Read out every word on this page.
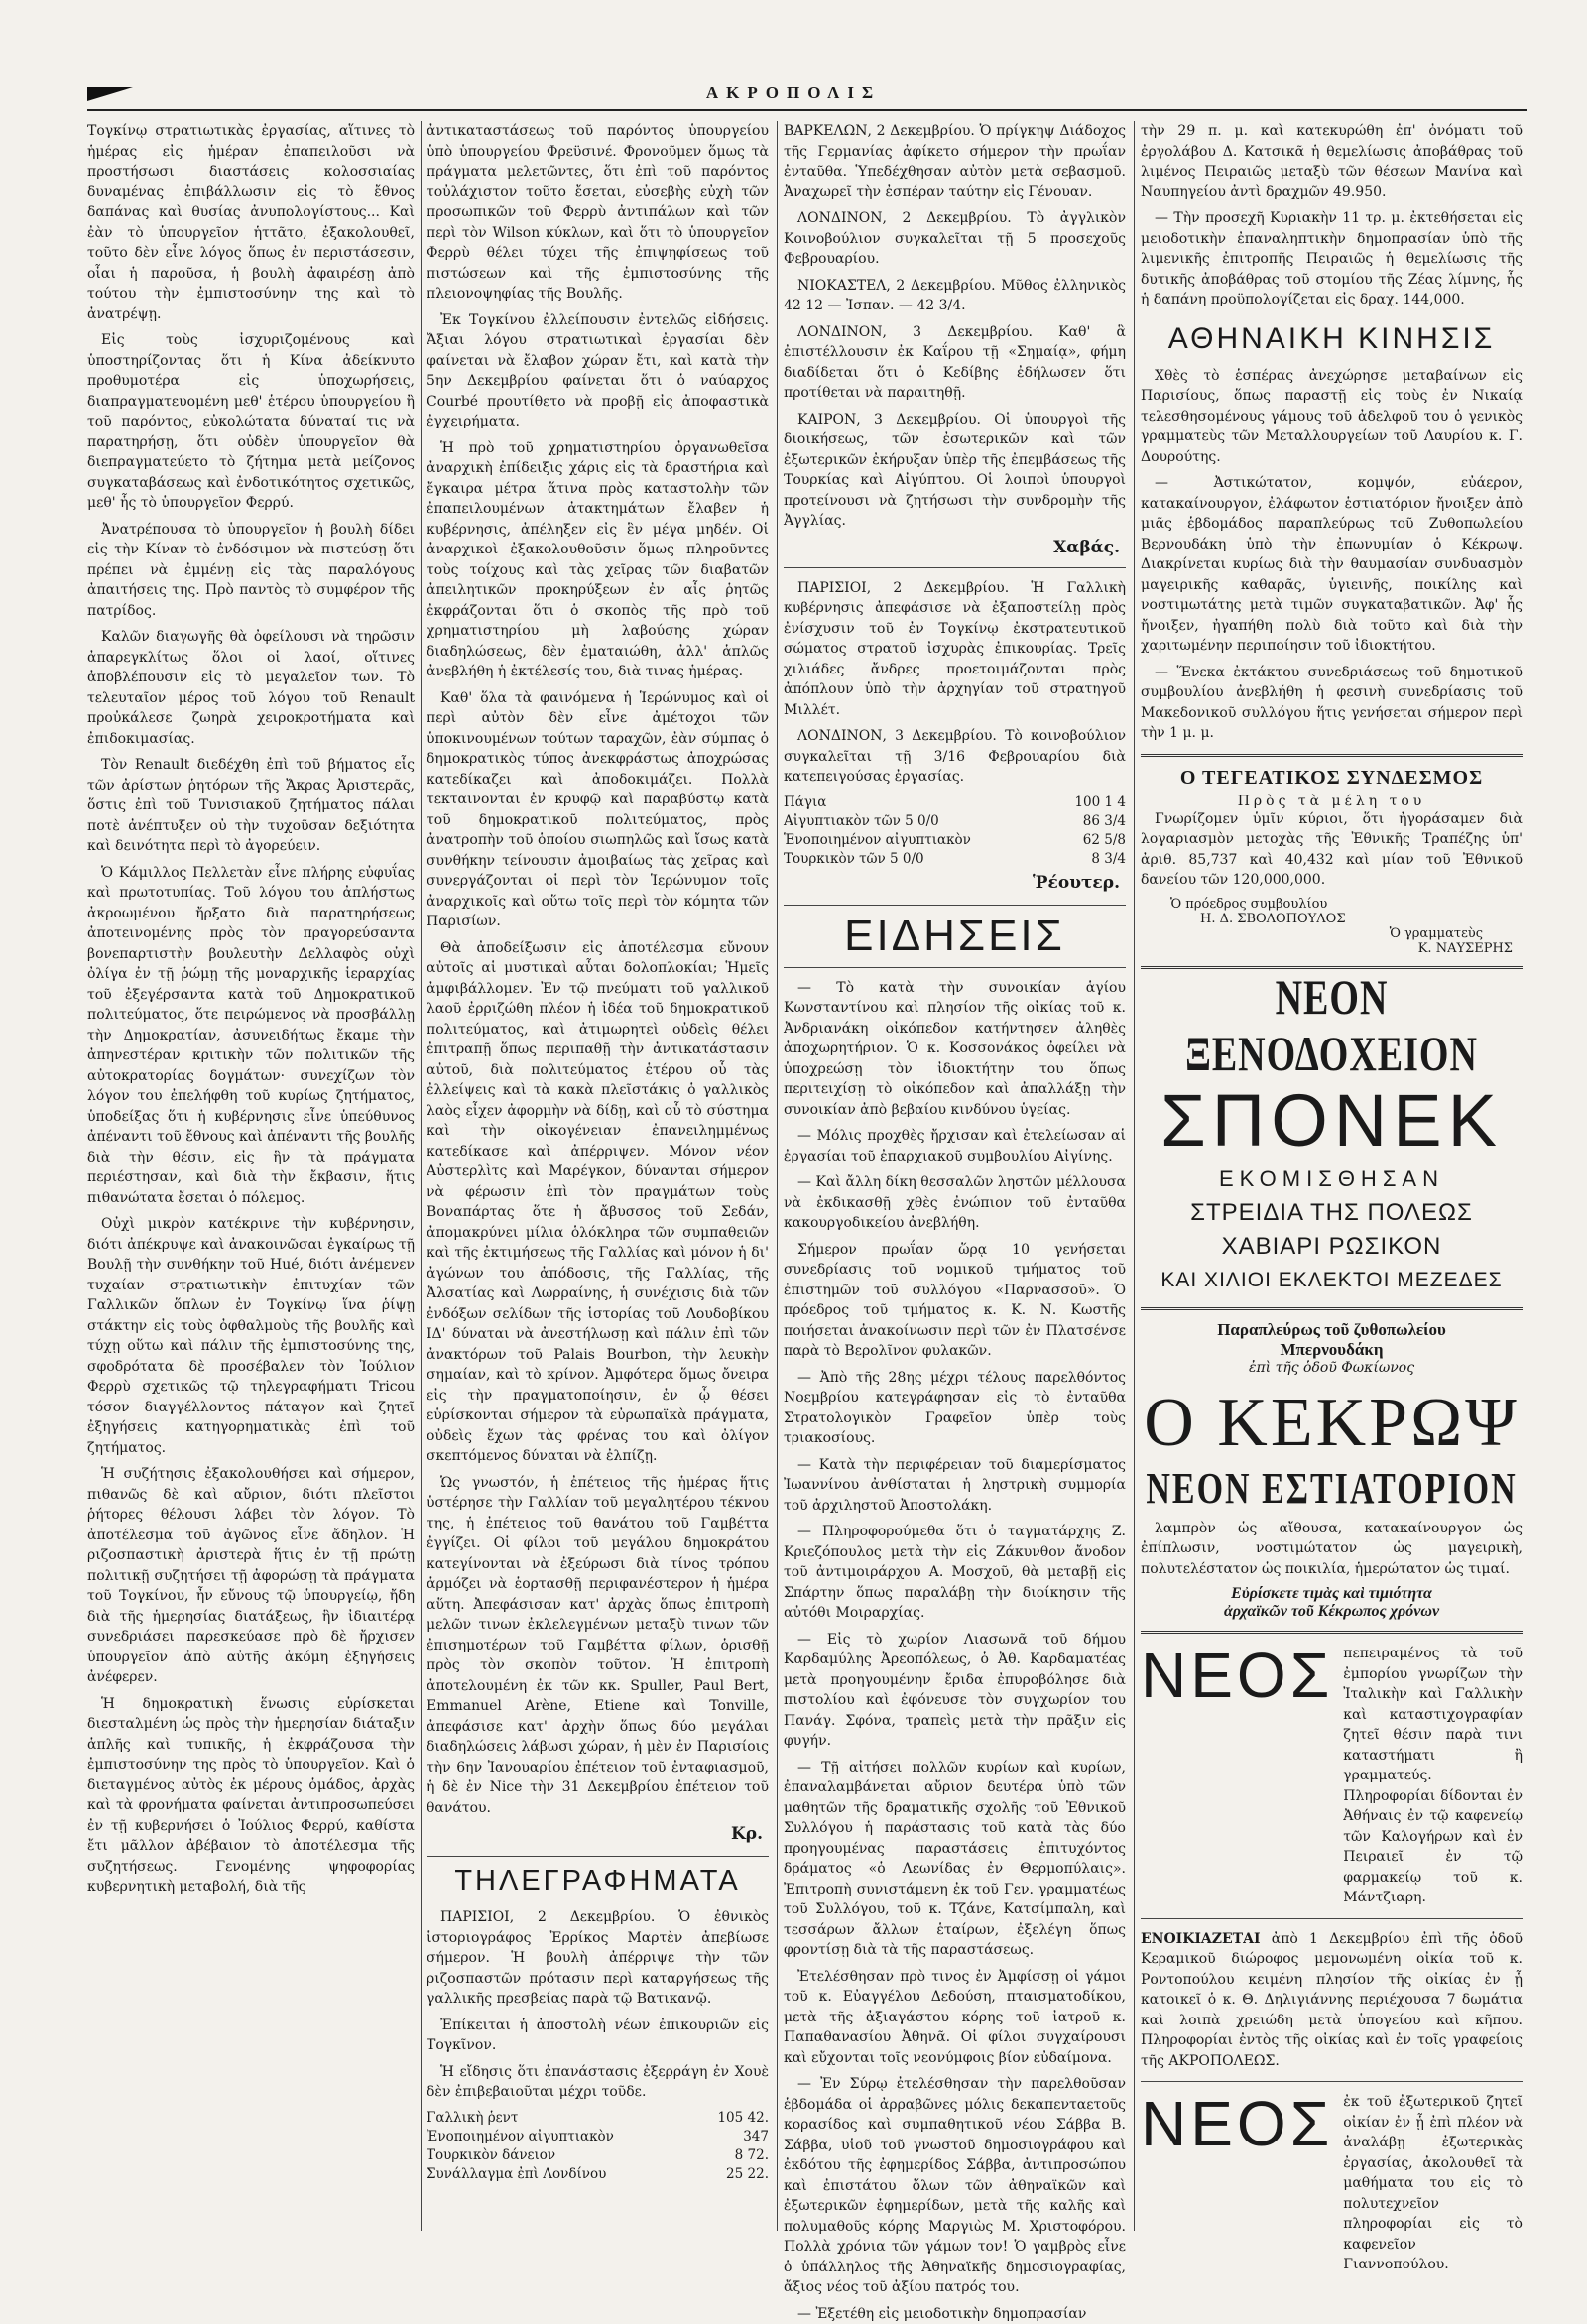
ΑΚΡΟΠΟΛΙΣ

Τογκίνῳ στρατιωτικὰς ἐργασίας, αἵτινες τὸ ἡμέρας εἰς ἡμέραν ἐπαπειλοῦσι νὰ προστήσωσι διαστάσεις κολοσσιαίας δυναμένας ἐπιβάλλωσιν εἰς τὸ ἔθνος δαπάνας καὶ θυσίας ἀνυπολογίστους... Καὶ ἐὰν τὸ ὑπουργεῖον ἡττᾶτο, ἐξακολουθεῖ, τοῦτο δὲν εἶνε λόγος ὅπως ἐν περιστάσεσιν, οἷαι ἡ παροῦσα, ἡ βουλὴ ἀφαιρέσῃ ἀπὸ τούτου τὴν ἐμπιστοσύνην της καὶ τὸ ἀνατρέψῃ.

Εἰς τοὺς ἰσχυριζομένους καὶ ὑποστηρίζοντας ὅτι ἡ Κίνα ἀδείκνυτο προθυμοτέρα εἰς ὑποχωρήσεις, διαπραγματευομένη μεθ' ἑτέρου ὑπουργείου ἢ τοῦ παρόντος, εὐκολώτατα δύναταί τις νὰ παρατηρήσῃ, ὅτι οὐδὲν ὑπουργεῖον θὰ διεπραγματεύετο τὸ ζήτημα μετὰ μείζονος συγκαταβάσεως καὶ ἐνδοτικότητος σχετικῶς, μεθ' ἧς τὸ ὑπουργεῖον Φερρύ.

Ἀνατρέπουσα τὸ ὑπουργεῖον ἡ βουλὴ δίδει εἰς τὴν Κίναν τὸ ἐνδόσιμον νὰ πιστεύσῃ ὅτι πρέπει νὰ ἐμμένῃ εἰς τὰς παραλόγους ἀπαιτήσεις της. Πρὸ παντὸς τὸ συμφέρον τῆς πατρίδος.

Καλῶν διαγωγῆς θὰ ὀφείλουσι νὰ τηρῶσιν ἀπαρεγκλίτως ὅλοι οἱ λαοί, οἵτινες ἀποβλέπουσιν εἰς τὸ μεγαλεῖον των. Τὸ τελευταῖον μέρος τοῦ λόγου τοῦ Renault προὐκάλεσε ζωηρὰ χειροκροτήματα καὶ ἐπιδοκιμασίας.

Τὸν Renault διεδέχθη ἐπὶ τοῦ βήματος εἷς τῶν ἀρίστων ῥητόρων τῆς Ἄκρας Ἀριστερᾶς, ὅστις ἐπὶ τοῦ Τυνισιακοῦ ζητήματος πάλαι ποτὲ ἀνέπτυξεν οὐ τὴν τυχοῦσαν δεξιότητα καὶ δεινότητα περὶ τὸ ἀγορεύειν.

Ὁ Κάμιλλος Πελλετὰν εἶνε πλήρης εὐφυΐας καὶ πρωτοτυπίας. Τοῦ λόγου του ἀπλήστως ἀκροωμένου ἤρξατο διὰ παρατηρήσεως ἀποτεινομένης πρὸς τὸν πραγορεύσαντα βονεπαρτιστὴν βουλευτὴν Δελλαφὸς οὐχὶ ὀλίγα ἐν τῇ ῥώμῃ τῆς μοναρχικῆς ἱεραρχίας τοῦ ἐξεγέρσαντα κατὰ τοῦ Δημοκρατικοῦ πολιτεύματος, ὅτε πειρώμενος νὰ προσβάλλῃ τὴν Δημοκρατίαν, ἀσυνειδήτως ἔκαμε τὴν ἀπηνεστέραν κριτικὴν τῶν πολιτικῶν τῆς αὐτοκρατορίας δογμάτων· συνεχίζων τὸν λόγον του ἐπελήφθη τοῦ κυρίως ζητήματος, ὑποδείξας ὅτι ἡ κυβέρνησις εἶνε ὑπεύθυνος ἀπέναντι τοῦ ἔθνους καὶ ἀπέναντι τῆς βουλῆς διὰ τὴν θέσιν, εἰς ἣν τὰ πράγματα περιέστησαν, καὶ διὰ τὴν ἔκβασιν, ἥτις πιθανώτατα ἔσεται ὁ πόλεμος.

Οὐχὶ μικρὸν κατέκρινε τὴν κυβέρνησιν, διότι ἀπέκρυψε καὶ ἀνακοινῶσαι ἐγκαίρως τῇ Βουλῇ τὴν συνθήκην τοῦ Hué, διότι ἀνέμενεν τυχαίαν στρατιωτικὴν ἐπιτυχίαν τῶν Γαλλικῶν ὅπλων ἐν Τογκίνῳ ἵνα ῥίψῃ στάκτην εἰς τοὺς ὀφθαλμοὺς τῆς βουλῆς καὶ τύχῃ οὕτω καὶ πάλιν τῆς ἐμπιστοσύνης της, σφοδρότατα δὲ προσέβαλεν τὸν Ἰούλιον Φερρὺ σχετικῶς τῷ τηλεγραφήματι Tricou τόσον διαγγέλλοντος πάταγον καὶ ζητεῖ ἐξηγήσεις κατηγορηματικὰς ἐπὶ τοῦ ζητήματος.

Ἡ συζήτησις ἐξακολουθήσει καὶ σήμερον, πιθανῶς δὲ καὶ αὔριον, διότι πλεῖστοι ῥήτορες θέλουσι λάβει τὸν λόγον. Τὸ ἀποτέλεσμα τοῦ ἀγῶνος εἶνε ἄδηλον. Ἡ ριζοσπαστικὴ ἀριστερὰ ἥτις ἐν τῇ πρώτῃ πολιτικῇ συζητήσει τῇ ἀφορώσῃ τὰ πράγματα τοῦ Τογκίνου, ἦν εὔνους τῷ ὑπουργείῳ, ἤδη διὰ τῆς ἡμερησίας διατάξεως, ἣν ἰδιαιτέρᾳ συνεδριάσει παρεσκεύασε πρὸ δὲ ἤρχισεν ὑπουργεῖον ἀπὸ αὐτῆς ἀκόμη ἐξηγήσεις ἀνέφερεν.

Ἡ δημοκρατικὴ ἕνωσις εὑρίσκεται διεσταλμένη ὡς πρὸς τὴν ἡμερησίαν διάταξιν ἁπλῆς καὶ τυπικῆς, ἡ ἐκφράζουσα τὴν ἐμπιστοσύνην της πρὸς τὸ ὑπουργεῖον. Καὶ ὁ διεταγμένος αὐτὸς ἐκ μέρους ὁμάδος, ἀρχὰς καὶ τὰ φρονήματα φαίνεται ἀντιπροσωπεύσει ἐν τῇ κυβερνήσει ὁ Ἰούλιος Φερρύ, καθίστα ἔτι μᾶλλον ἀβέβαιον τὸ ἀποτέλεσμα τῆς συζητήσεως. Γενομένης ψηφοφορίας κυβερνητικὴ μεταβολή, διὰ τῆς

ἀντικαταστάσεως τοῦ παρόντος ὑπουργείου ὑπὸ ὑπουργείου Φρεϋσινέ. Φρονοῦμεν ὅμως τὰ πράγματα μελετῶντες, ὅτι ἐπὶ τοῦ παρόντος τοὐλάχιστον τοῦτο ἔσεται, εὐσεβὴς εὐχὴ τῶν προσωπικῶν τοῦ Φερρὺ ἀντιπάλων καὶ τῶν περὶ τὸν Wilson κύκλων, καὶ ὅτι τὸ ὑπουργεῖον Φερρὺ θέλει τύχει τῆς ἐπιψηφίσεως τοῦ πιστώσεων καὶ τῆς ἐμπιστοσύνης τῆς πλειονοψηφίας τῆς Βουλῆς.

Ἐκ Τογκίνου ἐλλείπουσιν ἐντελῶς εἰδήσεις. Ἄξιαι λόγου στρατιωτικαὶ ἐργασίαι δὲν φαίνεται νὰ ἔλαβον χώραν ἔτι, καὶ κατὰ τὴν 5ην Δεκεμβρίου φαίνεται ὅτι ὁ ναύαρχος Courbé προυτίθετο νὰ προβῇ εἰς ἀποφαστικὰ ἐγχειρήματα.

Ἡ πρὸ τοῦ χρηματιστηρίου ὀργανωθεῖσα ἀναρχικὴ ἐπίδειξις χάρις εἰς τὰ δραστήρια καὶ ἔγκαιρα μέτρα ἅτινα πρὸς καταστολὴν τῶν ἐπαπειλουμένων ἀτακτημάτων ἔλαβεν ἡ κυβέρνησις, ἀπέληξεν εἰς ἓν μέγα μηδέν. Οἱ ἀναρχικοὶ ἐξακολουθοῦσιν ὅμως πληροῦντες τοὺς τοίχους καὶ τὰς χεῖρας τῶν διαβατῶν ἀπειλητικῶν προκηρύξεων ἐν αἷς ῥητῶς ἐκφράζονται ὅτι ὁ σκοπὸς τῆς πρὸ τοῦ χρηματιστηρίου μὴ λαβούσης χώραν διαδηλώσεως, δὲν ἐματαιώθη, ἀλλ' ἁπλῶς ἀνεβλήθη ἡ ἐκτέλεσίς του, διὰ τινας ἡμέρας.

Καθ' ὅλα τὰ φαινόμενα ἡ Ἱερώνυμος καὶ οἱ περὶ αὐτὸν δὲν εἶνε ἀμέτοχοι τῶν ὑποκινουμένων τούτων ταραχῶν, ἐὰν σύμπας ὁ δημοκρατικὸς τύπος ἀνεκφράστως ἀποχρώσας κατεδίκαζει καὶ ἀποδοκιμάζει. Πολλὰ τεκταινονται ἐν κρυφῷ καὶ παραβύστῳ κατὰ τοῦ δημοκρατικοῦ πολιτεύματος, πρὸς ἀνατροπὴν τοῦ ὁποίου σιωπηλῶς καὶ ἴσως κατὰ συνθήκην τείνουσιν ἀμοιβαίως τὰς χεῖρας καὶ συνεργάζονται οἱ περὶ τὸν Ἱερώνυμον τοῖς ἀναρχικοῖς καὶ οὕτω τοῖς περὶ τὸν κόμητα τῶν Παρισίων.

Θὰ ἀποδείξωσιν εἰς ἀποτέλεσμα εὔνουν αὐτοῖς αἱ μυστικαὶ αὗται δολοπλοκίαι; Ἡμεῖς ἀμφιβάλλομεν. Ἐν τῷ πνεύματι τοῦ γαλλικοῦ λαοῦ ἐρριζώθη πλέον ἡ ἰδέα τοῦ δημοκρατικοῦ πολιτεύματος, καὶ ἀτιμωρητεὶ οὐδεὶς θέλει ἐπιτραπῇ ὅπως περιπαθῇ τὴν ἀντικατάστασιν αὐτοῦ, διὰ πολιτεύματος ἑτέρου οὗ τὰς ἐλλείψεις καὶ τὰ κακὰ πλεῖστάκις ὁ γαλλικὸς λαὸς εἶχεν ἀφορμὴν νὰ δίδῃ, καὶ οὗ τὸ σύστημα καὶ τὴν οἰκογένειαν ἐπανειλημμένως κατεδίκασε καὶ ἀπέρριψεν. Μόνον νέον Αὐστερλὶτς καὶ Μαρέγκον, δύνανται σήμερον νὰ φέρωσιν ἐπὶ τὸν πραγμάτων τοὺς Βοναπάρτας ὅτε ἡ ἄβυσσος τοῦ Σεδάν, ἀπομακρύνει μίλια ὁλόκληρα τῶν συμπαθειῶν καὶ τῆς ἐκτιμήσεως τῆς Γαλλίας καὶ μόνον ἡ δι' ἀγώνων του ἀπόδοσις, τῆς Γαλλίας, τῆς Ἀλσατίας καὶ Λωρραίνης, ἡ συνέχισις διὰ τῶν ἐνδόξων σελίδων τῆς ἱστορίας τοῦ Λουδοβίκου ΙΔ' δύναται νὰ ἀνεστήλωσῃ καὶ πάλιν ἐπὶ τῶν ἀνακτόρων τοῦ Palais Bourbon, τὴν λευκὴν σημαίαν, καὶ τὸ κρίνον. Ἀμφότερα ὅμως ὄνειρα εἰς τὴν πραγματοποίησιν, ἐν ᾧ θέσει εὑρίσκονται σήμερον τὰ εὐρωπαϊκὰ πράγματα, οὐδεὶς ἔχων τὰς φρένας του καὶ ὀλίγον σκεπτόμενος δύναται νὰ ἐλπίζῃ.

Ὡς γνωστόν, ἡ ἐπέτειος τῆς ἡμέρας ἥτις ὑστέρησε τὴν Γαλλίαν τοῦ μεγαλητέρου τέκνου της, ἡ ἐπέτειος τοῦ θανάτου τοῦ Γαμβέττα ἐγγίζει. Οἱ φίλοι τοῦ μεγάλου δημοκράτου κατεγίνονται νὰ ἐξεύρωσι διὰ τίνος τρόπου ἁρμόζει νὰ ἑορτασθῇ περιφανέστερον ἡ ἡμέρα αὕτη. Ἀπεφάσισαν κατ' ἀρχὰς ὅπως ἐπιτροπὴ μελῶν τινων ἐκλελεγμένων μεταξὺ τινων τῶν ἐπισημοτέρων τοῦ Γαμβέττα φίλων, ὁρισθῇ πρὸς τὸν σκοπὸν τοῦτον. Ἡ ἐπιτροπὴ ἀποτελουμένη ἐκ τῶν κκ. Spuller, Paul Bert, Emmanuel Arène, Etiene καὶ Tonville, ἀπεφάσισε κατ' ἀρχὴν ὅπως δύο μεγάλαι διαδηλώσεις λάβωσι χώραν, ἡ μὲν ἐν Παρισίοις τὴν 6ην Ἰανουαρίου ἐπέτειον τοῦ ἐνταφιασμοῦ, ἡ δὲ ἐν Nice τὴν 31 Δεκεμβρίου ἐπέτειον τοῦ θανάτου.

Κρ.
ΤΗΛΕΓΡΑΦΗΜΑΤΑ

ΠΑΡΙΣΙΟΙ, 2 Δεκεμβρίου. Ὁ ἐθνικὸς ἱστοριογράφος Ἐρρίκος Μαρτὲν ἀπεβίωσε σήμερον. Ἡ βουλὴ ἀπέρριψε τὴν τῶν ριζοσπαστῶν πρότασιν περὶ καταργήσεως τῆς γαλλικῆς πρεσβείας παρὰ τῷ Βατικανῷ.

Ἐπίκειται ἡ ἀποστολὴ νέων ἐπικουριῶν εἰς Τογκῖνον.

Ἡ εἴδησις ὅτι ἐπανάστασις ἐξερράγη ἐν Χουὲ δὲν ἐπιβεβαιοῦται μέχρι τοῦδε.

Γαλλικὴ ῥεντ	105 42.
Ἑνοποιημένον αἰγυπτιακὸν	347
Τουρκικὸν δάνειον	8 72.
Συνάλλαγμα ἐπὶ Λονδίνου	25 22.

ΒΑΡΚΕΛΩΝ, 2 Δεκεμβρίου. Ὁ πρίγκηψ Διάδοχος τῆς Γερμανίας ἀφίκετο σήμερον τὴν πρωΐαν ἐνταῦθα. Ὑπεδέχθησαν αὐτὸν μετὰ σεβασμοῦ. Ἀναχωρεῖ τὴν ἐσπέραν ταύτην εἰς Γένουαν.

ΛΟΝΔΙΝΟΝ, 2 Δεκεμβρίου. Τὸ ἀγγλικὸν Κοινοβούλιον συγκαλεῖται τῇ 5 προσεχοῦς Φεβρουαρίου.

ΝΙΟΚΑΣΤΕΛ, 2 Δεκεμβρίου. Μῦθος ἐλληνικὸς 42 12 — Ἰσπαν. — 42 3/4.

ΛΟΝΔΙΝΟΝ, 3 Δεκεμβρίου. Καθ' ἃ ἐπιστέλλουσιν ἐκ Καΐρου τῇ «Σημαίᾳ», φήμη διαδίδεται ὅτι ὁ Κεδίβης ἐδήλωσεν ὅτι προτίθεται νὰ παραιτηθῇ.

ΚΑΙΡΟΝ, 3 Δεκεμβρίου. Οἱ ὑπουργοὶ τῆς διοικήσεως, τῶν ἐσωτερικῶν καὶ τῶν ἐξωτερικῶν ἐκήρυξαν ὑπὲρ τῆς ἐπεμβάσεως τῆς Τουρκίας καὶ Αἰγύπτου. Οἱ λοιποὶ ὑπουργοὶ προτείνουσι νὰ ζητήσωσι τὴν συνδρομὴν τῆς Ἀγγλίας.

Χαβάς.

ΠΑΡΙΣΙΟΙ, 2 Δεκεμβρίου. Ἡ Γαλλικὴ κυβέρνησις ἀπεφάσισε νὰ ἐξαποστείλῃ πρὸς ἐνίσχυσιν τοῦ ἐν Τογκίνῳ ἐκστρατευτικοῦ σώματος στρατοῦ ἰσχυρὰς ἐπικουρίας. Τρεῖς χιλιάδες ἄνδρες προετοιμάζονται πρὸς ἀπόπλουν ὑπὸ τὴν ἀρχηγίαν τοῦ στρατηγοῦ Μιλλέτ.

ΛΟΝΔΙΝΟΝ, 3 Δεκεμβρίου. Τὸ κοινοβούλιον συγκαλεῖται τῇ 3/16 Φεβρουαρίου διὰ κατεπειγούσας ἐργασίας.

Πάγια	100 1 4
Αἰγυπτιακὸν τῶν 5 0/0	86 3/4
Ἑνοποιημένον αἰγυπτιακὸν	62 5/8
Τουρκικὸν τῶν 5 0/0	8 3/4
Ῥέουτερ.
ΕΙΔΗΣΕΙΣ

— Τὸ κατὰ τὴν συνοικίαν ἁγίου Κωνσταντίνου καὶ πλησίον τῆς οἰκίας τοῦ κ. Ἀνδριανάκη οἰκόπεδον κατήντησεν ἀληθὲς ἀποχωρητήριον. Ὁ κ. Κοσσονάκος ὀφείλει νὰ ὑποχρεώσῃ τὸν ἰδιοκτήτην του ὅπως περιτειχίσῃ τὸ οἰκόπεδον καὶ ἀπαλλάξῃ τὴν συνοικίαν ἀπὸ βεβαίου κινδύνου ὑγείας.

— Μόλις προχθὲς ἤρχισαν καὶ ἐτελείωσαν αἱ ἐργασίαι τοῦ ἐπαρχιακοῦ συμβουλίου Αἰγίνης.

— Καὶ ἄλλη δίκη θεσσαλῶν ληστῶν μέλλουσα νὰ ἐκδικασθῇ χθὲς ἐνώπιον τοῦ ἐνταῦθα κακουργοδικείου ἀνεβλήθη.

Σήμερον πρωΐαν ὥρᾳ 10 γενήσεται συνεδρίασις τοῦ νομικοῦ τμήματος τοῦ ἐπιστημῶν τοῦ συλλόγου «Παρνασσοῦ». Ὁ πρόεδρος τοῦ τμήματος κ. Κ. Ν. Κωστῆς ποιήσεται ἀνακοίνωσιν περὶ τῶν ἐν Πλατσένσε παρὰ τὸ Βερολῖνον φυλακῶν.

— Ἀπὸ τῆς 28ης μέχρι τέλους παρελθόντος Νοεμβρίου κατεγράφησαν εἰς τὸ ἐνταῦθα Στρατολογικὸν Γραφεῖον ὑπὲρ τοὺς τριακοσίους.

— Κατὰ τὴν περιφέρειαν τοῦ διαμερίσματος Ἰωαννίνου ἀνθίσταται ἡ ληστρικὴ συμμορία τοῦ ἀρχιληστοῦ Ἀποστολάκη.

— Πληροφορούμεθα ὅτι ὁ ταγματάρχης Ζ. Κριεζόπουλος μετὰ τὴν εἰς Ζάκυνθον ἄνοδον τοῦ ἀντιμοιράρχου Α. Μοσχοῦ, θὰ μεταβῇ εἰς Σπάρτην ὅπως παραλάβῃ τὴν διοίκησιν τῆς αὐτόθι Μοιραρχίας.

— Εἰς τὸ χωρίον Λιασωνᾶ τοῦ δήμου Καρδαμύλης Ἀρεοπόλεως, ὁ Ἀθ. Καρδαματέας μετὰ προηγουμένην ἔριδα ἐπυροβόλησε διὰ πιστολίου καὶ ἐφόνευσε τὸν συγχωρίον του Πανάγ. Σφόνα, τραπεὶς μετὰ τὴν πρᾶξιν εἰς φυγήν.

— Τῇ αἰτήσει πολλῶν κυρίων καὶ κυρίων, ἐπαναλαμβάνεται αὔριον δευτέρα ὑπὸ τῶν μαθητῶν τῆς δραματικῆς σχολῆς τοῦ Ἐθνικοῦ Συλλόγου ἡ παράστασις τοῦ κατὰ τὰς δύο προηγουμένας παραστάσεις ἐπιτυχόντος δράματος «ὁ Λεωνίδας ἐν Θερμοπύλαις». Ἐπιτροπὴ συνιστάμενη ἐκ τοῦ Γεν. γραμματέως τοῦ Συλλόγου, τοῦ κ. Τζάνε, Κατσίμπαλη, καὶ τεσσάρων ἄλλων ἑταίρων, ἐξελέγη ὅπως φροντίσῃ διὰ τὰ τῆς παραστάσεως.

Ἐτελέσθησαν πρὸ τινος ἐν Ἀμφίσσῃ οἱ γάμοι τοῦ κ. Εὐαγγέλου Δεδούση, πταισματοδίκου, μετὰ τῆς ἀξιαγάστου κόρης τοῦ ἰατροῦ κ. Παπαθανασίου Ἀθηνᾶ. Οἱ φίλοι συγχαίρουσι καὶ εὔχονται τοῖς νεονύμφοις βίον εὐδαίμονα.

— Ἐν Σύρῳ ἐτελέσθησαν τὴν παρελθοῦσαν ἑβδομάδα οἱ ἀρραβῶνες μόλις δεκαπενταετοῦς κορασίδος καὶ συμπαθητικοῦ νέου Σάββα Β. Σάββα, υἱοῦ τοῦ γνωστοῦ δημοσιογράφου καὶ ἐκδότου τῆς ἐφημερίδος Σάββα, ἀντιπροσώπου καὶ ἐπιστάτου ὅλων τῶν ἀθηναϊκῶν καὶ ἐξωτερικῶν ἐφημερίδων, μετὰ τῆς καλῆς καὶ πολυμαθοῦς κόρης Μαργιὼς Μ. Χριστοφόρου. Πολλὰ χρόνια τῶν γάμων τον! Ὁ γαμβρὸς εἶνε ὁ ὑπάλληλος τῆς Ἀθηναϊκῆς δημοσιογραφίας, ἄξιος νέος τοῦ ἀξίου πατρός του.

— Ἐξετέθη εἰς μειοδοτικὴν δημοπρασίαν

τὴν 29 π. μ. καὶ κατεκυρώθη ἐπ' ὀνόματι τοῦ ἐργολάβου Δ. Κατσικᾶ ἡ θεμελίωσις ἀποβάθρας τοῦ λιμένος Πειραιῶς μεταξὺ τῶν θέσεων Μανίνα καὶ Ναυπηγείου ἀντὶ δραχμῶν 49.950.

— Τὴν προσεχῆ Κυριακὴν 11 τρ. μ. ἐκτεθήσεται εἰς μειοδοτικὴν ἐπαναληπτικὴν δημοπρασίαν ὑπὸ τῆς λιμενικῆς ἐπιτροπῆς Πειραιῶς ἡ θεμελίωσις τῆς δυτικῆς ἀποβάθρας τοῦ στομίου τῆς Ζέας λίμνης, ἧς ἡ δαπάνη προϋπολογίζεται εἰς δραχ. 144,000.

ΑΘΗΝΑΙΚΗ ΚΙΝΗΣΙΣ

Χθὲς τὸ ἑσπέρας ἀνεχώρησε μεταβαίνων εἰς Παρισίους, ὅπως παραστῇ εἰς τοὺς ἐν Νικαίᾳ τελεσθησομένους γάμους τοῦ ἀδελφοῦ του ὁ γενικὸς γραμματεὺς τῶν Μεταλλουργείων τοῦ Λαυρίου κ. Γ. Δουρούτης.

— Ἀστικώτατον, κομψόν, εὐάερον, κατακαίνουργον, ἐλάφωτον ἑστιατόριον ἤνοιξεν ἀπὸ μιᾶς ἑβδομάδος παραπλεύρως τοῦ Ζυθοπωλείου Βερνουδάκη ὑπὸ τὴν ἐπωνυμίαν ὁ Κέκρωψ. Διακρίνεται κυρίως διὰ τὴν θαυμασίαν συνδυασμὸν μαγειρικῆς καθαρᾶς, ὑγιεινῆς, ποικίλης καὶ νοστιμωτάτης μετὰ τιμῶν συγκαταβατικῶν. Ἀφ' ἧς ἤνοιξεν, ἠγαπήθη πολὺ διὰ τοῦτο καὶ διὰ τὴν χαριτωμένην περιποίησιν τοῦ ἰδιοκτήτου.

— Ἕνεκα ἐκτάκτου συνεδριάσεως τοῦ δημοτικοῦ συμβουλίου ἀνεβλήθη ἡ φεσινὴ συνεδρίασις τοῦ Μακεδονικοῦ συλλόγου ἥτις γενήσεται σήμερον περὶ τὴν 1 μ. μ.

Ο ΤΕΓΕΑΤΙΚΟΣ ΣΥΝΔΕΣΜΟΣ
Πρὸς τὰ μέλη του

Γνωρίζομεν ὑμῖν κύριοι, ὅτι ἠγοράσαμεν διὰ λογαριασμὸν μετοχὰς τῆς Ἐθνικῆς Τραπέζης ὑπ' ἀριθ. 85,737 καὶ 40,432 καὶ μίαν τοῦ Ἐθνικοῦ δανείου τῶν 120,000,000.

Ὁ πρόεδρος συμβουλίου
Η. Δ. ΣΒΟΛΟΠΟΥΛΟΣ
Ὁ γραμματεὺς
Κ. ΝΑΥΣΕΡΗΣ
ΝΕΟΝ ΞΕΝΟΔΟΧΕΙΟΝ
ΣΠΟΝΕΚ
ΕΚΟΜΙΣΘΗΣΑΝ
ΣΤΡΕΙΔΙΑ ΤΗΣ ΠΟΛΕΩΣ
ΧΑΒΙΑΡΙ ΡΩΣΙΚΟΝ
ΚΑΙ ΧΙΛΙΟΙ ΕΚΛΕΚΤΟΙ ΜΕΖΕΔΕΣ
Παραπλεύρως τοῦ ζυθοπωλείου
Μπερνουδάκη
ἐπὶ τῆς ὁδοῦ Φωκίωνος
Ο ΚΕΚΡΩΨ
ΝΕΟΝ ΕΣΤΙΑΤΟΡΙΟΝ

λαμπρὸν ὡς αἴθουσα, κατακαίνουργον ὡς ἐπίπλωσιν, νοστιμώτατον ὡς μαγειρικὴ, πολυτελέστατον ὡς ποικιλία, ἡμερώτατον ὡς τιμαί.

Εὐρίσκετε τιμὰς καὶ τιμιότητα
ἀρχαϊκῶν τοῦ Κέκρωπος χρόνων
ΝΕΟΣ πεπειραμένος τὰ τοῦ ἐμπορίου γνωρίζων τὴν Ἰταλικὴν καὶ Γαλλικὴν καὶ καταστιχογραφίαν ζητεῖ θέσιν παρὰ τινι καταστήματι ἢ γραμματεύς. Πληροφορίαι δίδονται ἐν Ἀθήναις ἐν τῷ καφενείῳ τῶν Καλογήρων καὶ ἐν Πειραιεῖ ἐν τῷ φαρμακείῳ τοῦ κ. Μάντζιαρη.

ΕΝΟΙΚΙΑΖΕΤΑΙ ἀπὸ 1 Δεκεμβρίου ἐπὶ τῆς ὁδοῦ Κεραμικοῦ διώροφος μεμονωμένη οἰκία τοῦ κ. Ροντοπούλου κειμένη πλησίον τῆς οἰκίας ἐν ᾗ κατοικεῖ ὁ κ. Θ. Δηλιγιάννης περιέχουσα 7 δωμάτια καὶ λοιπὰ χρειώδη μετὰ ὑπογείου καὶ κῆπου. Πληροφορίαι ἐντὸς τῆς οἰκίας καὶ ἐν τοῖς γραφείοις τῆς ΑΚΡΟΠΟΛΕΩΣ.

ΝΕΟΣ ἐκ τοῦ ἐξωτερικοῦ ζητεῖ οἰκίαν ἐν ᾗ ἐπὶ πλέον νὰ ἀναλάβῃ ἐξωτερικὰς ἐργασίας, ἀκολουθεῖ τὰ μαθήματα του εἰς τὸ πολυτεχνεῖον πληροφορίαι εἰς τὸ καφενεῖον Γιαννοπούλου.
